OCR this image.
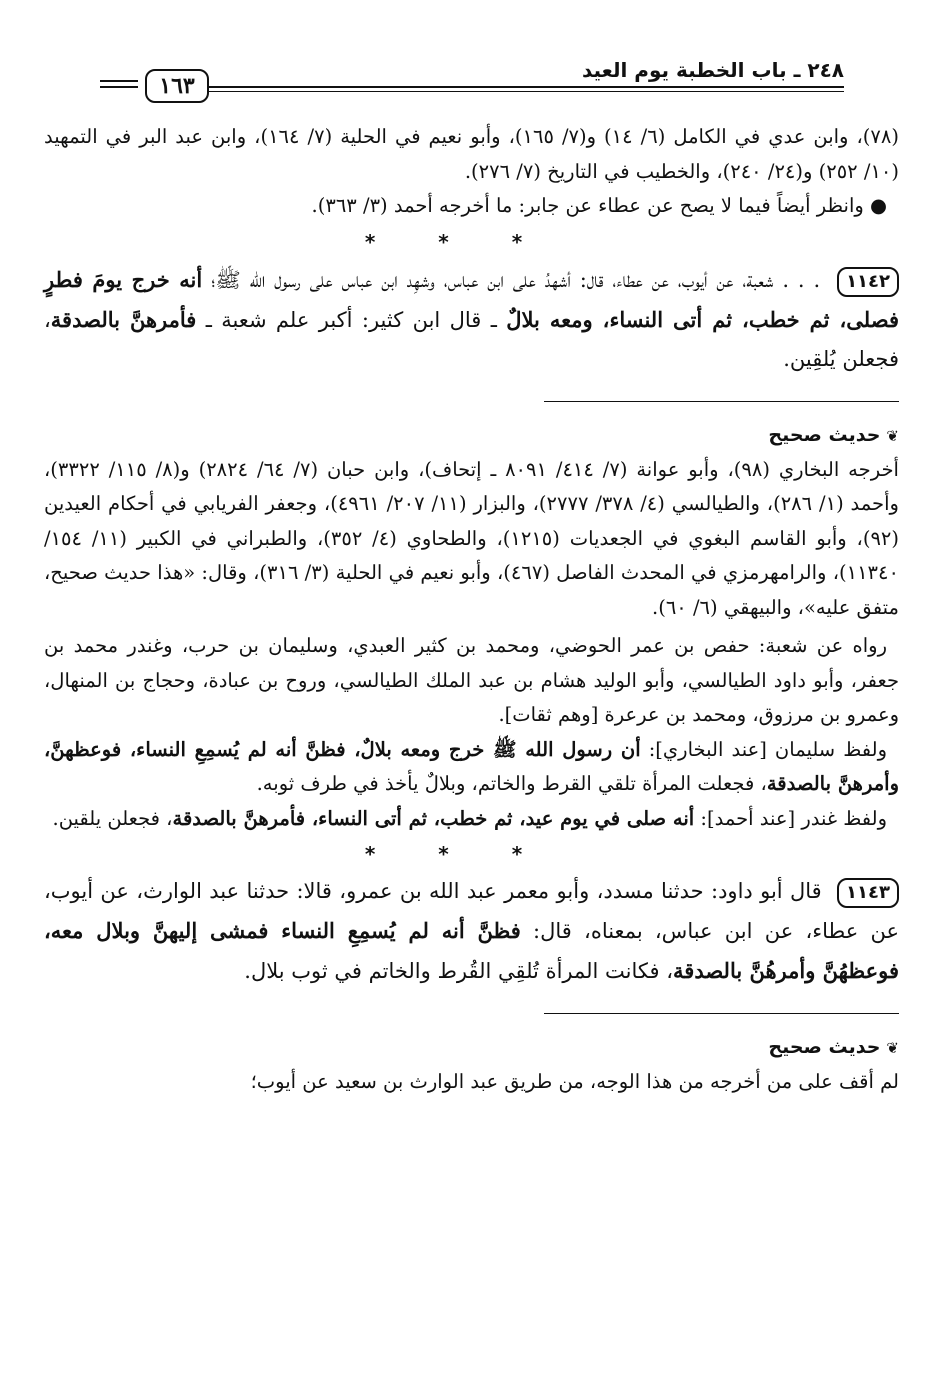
٢٤٨ ـ باب الخطبة يوم العيد
١٦٣

(٧٨)، وابن عدي في الكامل (٦/ ١٤) و(٧/ ١٦٥)، وأبو نعيم في الحلية (٧/ ١٦٤)، وابن عبد البر في التمهيد (١٠/ ٢٥٢) و(٢٤/ ٢٤٠)، والخطيب في التاريخ (٧/ ٢٧٦).

● وانظر أيضاً فيما لا يصح عن عطاء عن جابر: ما أخرجه أحمد (٣/ ٣٦٣).

* * *

١١٤٢ . . . شعبة، عن أيوب، عن عطاء، قال: أشهدُ على ابن عباس، وشهِد ابن عباس على رسول الله ﷺ؛ أنه خرج يومَ فطرٍ فصلى، ثم خطب، ثم أتى النساء، ومعه بلالٌ ـ قال ابن كثير: أكبر علم شعبة ـ فأمرهنَّ بالصدقة، فجعلن يُلقِين.

❦حديث صحيح

أخرجه البخاري (٩٨)، وأبو عوانة (٧/ ٤١٤/ ٨٠٩١ ـ إتحاف)، وابن حبان (٧/ ٦٤/ ٢٨٢٤) و(٨/ ١١٥/ ٣٣٢٢)، وأحمد (١/ ٢٨٦)، والطيالسي (٤/ ٣٧٨/ ٢٧٧٧)، والبزار (١١/ ٢٠٧/ ٤٩٦١)، وجعفر الفريابي في أحكام العيدين (٩٢)، وأبو القاسم البغوي في الجعديات (١٢١٥)، والطحاوي (٤/ ٣٥٢)، والطبراني في الكبير (١١/ ١٥٤/ ١١٣٤٠)، والرامهرمزي في المحدث الفاصل (٤٦٧)، وأبو نعيم في الحلية (٣/ ٣١٦)، وقال: «هذا حديث صحيح، متفق عليه»، والبيهقي (٦/ ٦٠).

رواه عن شعبة: حفص بن عمر الحوضي، ومحمد بن كثير العبدي، وسليمان بن حرب، وغندر محمد بن جعفر، وأبو داود الطيالسي، وأبو الوليد هشام بن عبد الملك الطيالسي، وروح بن عبادة، وحجاج بن المنهال، وعمرو بن مرزوق، ومحمد بن عرعرة [وهم ثقات].

ولفظ سليمان [عند البخاري]: أن رسول الله ﷺ خرج ومعه بلالٌ، فظنَّ أنه لم يُسمِعِ النساء، فوعظهنَّ، وأمرهنَّ بالصدقة، فجعلت المرأة تلقي القرط والخاتم، وبلالٌ يأخذ في طرف ثوبه.

ولفظ غندر [عند أحمد]: أنه صلى في يوم عيد، ثم خطب، ثم أتى النساء، فأمرهنَّ بالصدقة، فجعلن يلقين.

* * *

١١٤٣ قال أبو داود: حدثنا مسدد، وأبو معمر عبد الله بن عمرو، قالا: حدثنا عبد الوارث، عن أيوب، عن عطاء، عن ابن عباس، بمعناه، قال: فظنَّ أنه لم يُسمِعِ النساء فمشى إليهنَّ وبلال معه، فوعظهُنَّ وأمرهُنَّ بالصدقة، فكانت المرأة تُلقِي القُرط والخاتم في ثوب بلال.

❦حديث صحيح

لم أقف على من أخرجه من هذا الوجه، من طريق عبد الوارث بن سعيد عن أيوب؛
